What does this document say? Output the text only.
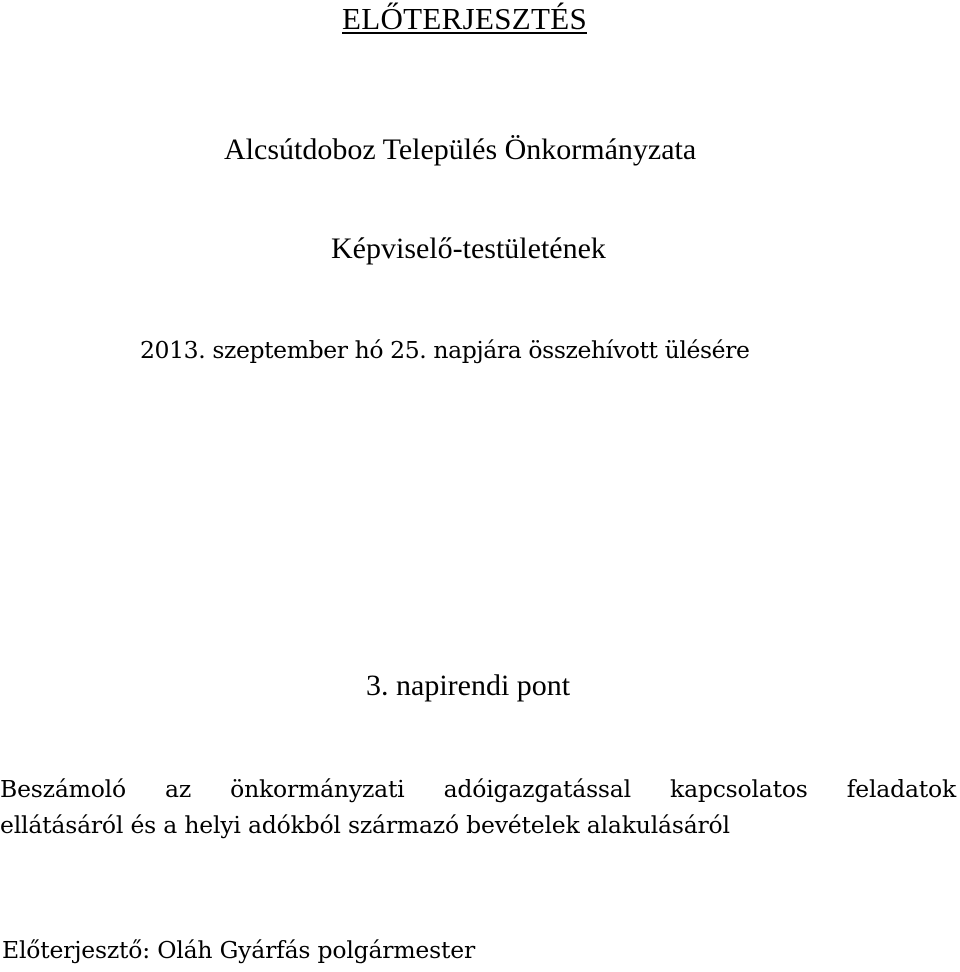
ELŐTERJESZTÉS

Alcsútdoboz Település Önkormányzata

Képviselő-testületének

2013. szeptember hó 25. napjára összehívott ülésére

3. napirendi pont

Beszámoló az önkormányzati adóigazgatással kapcsolatos feladatok
ellátásáról és a helyi adókból származó bevételek alakulásáról

Előterjesztő: Oláh Gyárfás polgármester
